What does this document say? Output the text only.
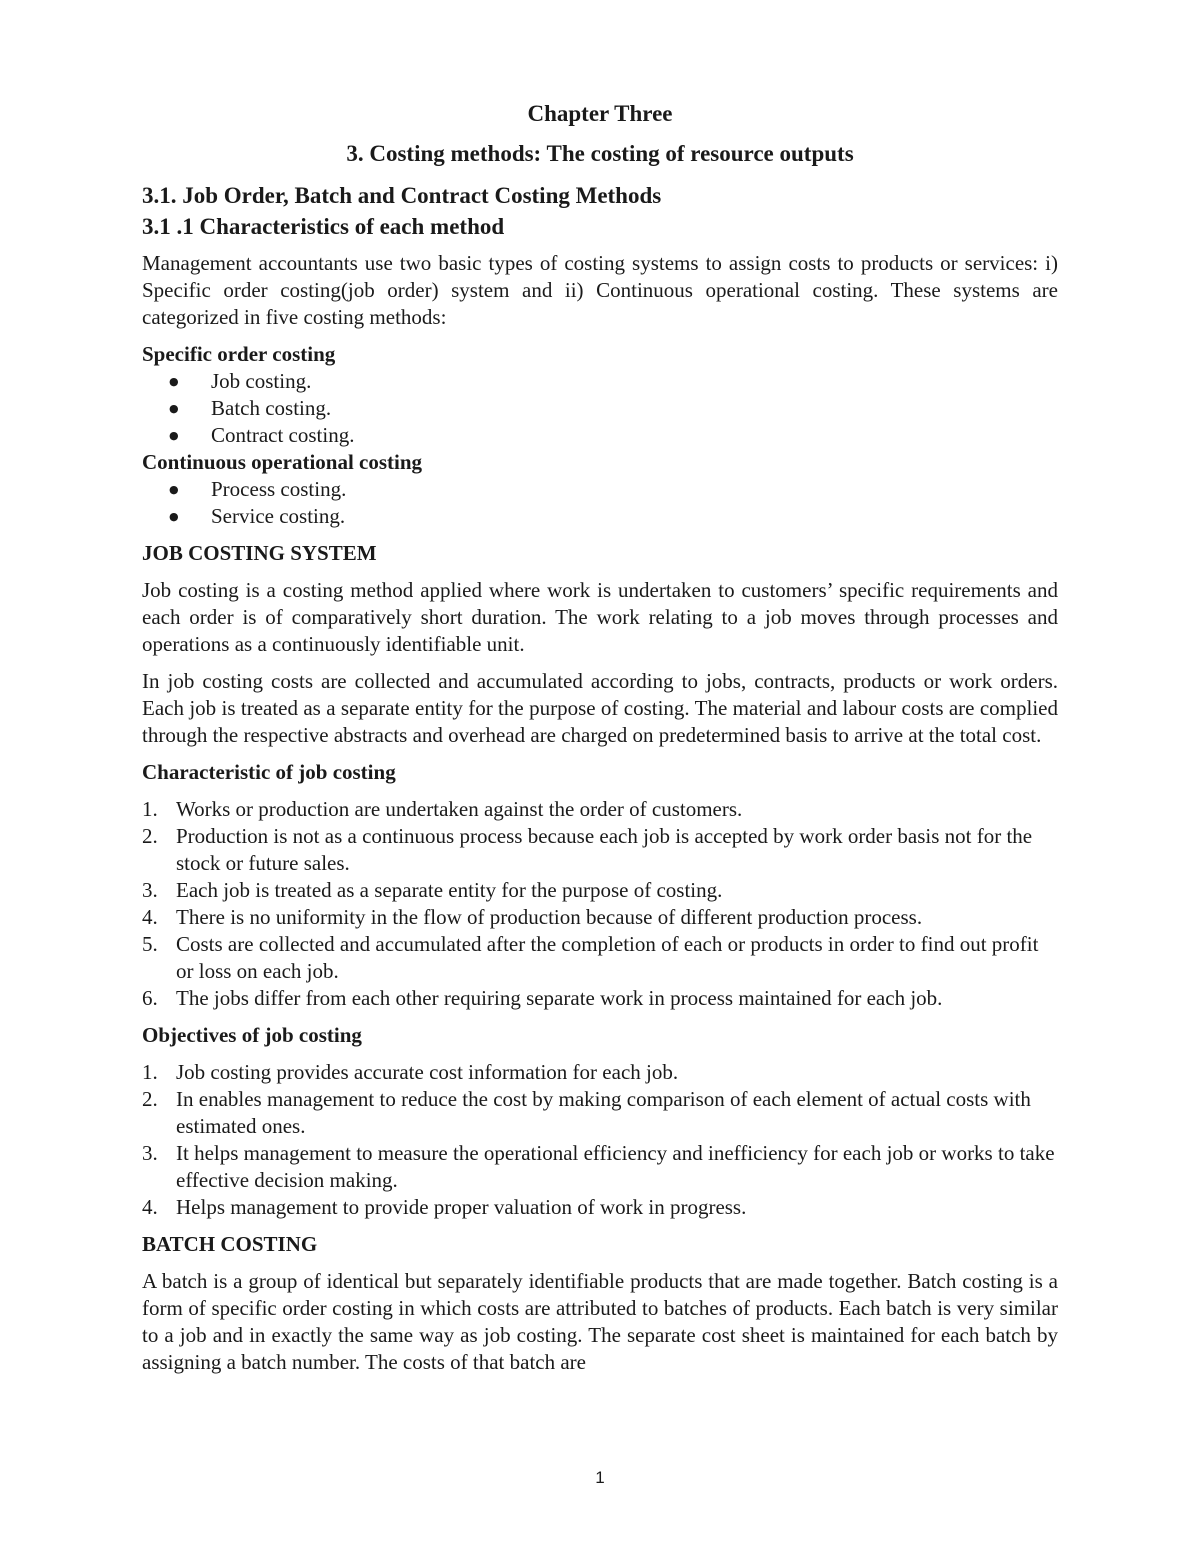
Chapter Three
3. Costing methods: The costing of resource outputs
3.1. Job Order, Batch and Contract Costing Methods
3.1 .1 Characteristics of each method

Management accountants use two basic types of costing systems to assign costs to products or services: i) Specific order costing(job order) system and ii) Continuous operational costing. These systems are categorized in five costing methods:

Specific order costing
● Job costing.
● Batch costing.
● Contract costing.
Continuous operational costing
● Process costing.
● Service costing.
JOB COSTING SYSTEM

Job costing is a costing method applied where work is undertaken to customers’ specific requirements and each order is of comparatively short duration. The work relating to a job moves through processes and operations as a continuously identifiable unit.

In job costing costs are collected and accumulated according to jobs, contracts, products or work orders. Each job is treated as a separate entity for the purpose of costing. The material and labour costs are complied through the respective abstracts and overhead are charged on predetermined basis to arrive at the total cost.

Characteristic of job costing
1. Works or production are undertaken against the order of customers.
2. Production is not as a continuous process because each job is accepted by work order basis not for the stock or future sales.
3. Each job is treated as a separate entity for the purpose of costing.
4. There is no uniformity in the flow of production because of different production process.
5. Costs are collected and accumulated after the completion of each or products in order to find out profit or loss on each job.
6. The jobs differ from each other requiring separate work in process maintained for each job.
Objectives of job costing
1. Job costing provides accurate cost information for each job.
2. In enables management to reduce the cost by making comparison of each element of actual costs with estimated ones.
3. It helps management to measure the operational efficiency and inefficiency for each job or works to take effective decision making.
4. Helps management to provide proper valuation of work in progress.
BATCH COSTING

A batch is a group of identical but separately identifiable products that are made together. Batch costing is a form of specific order costing in which costs are attributed to batches of products. Each batch is very similar to a job and in exactly the same way as job costing. The separate cost sheet is maintained for each batch by assigning a batch number. The costs of that batch are

1
